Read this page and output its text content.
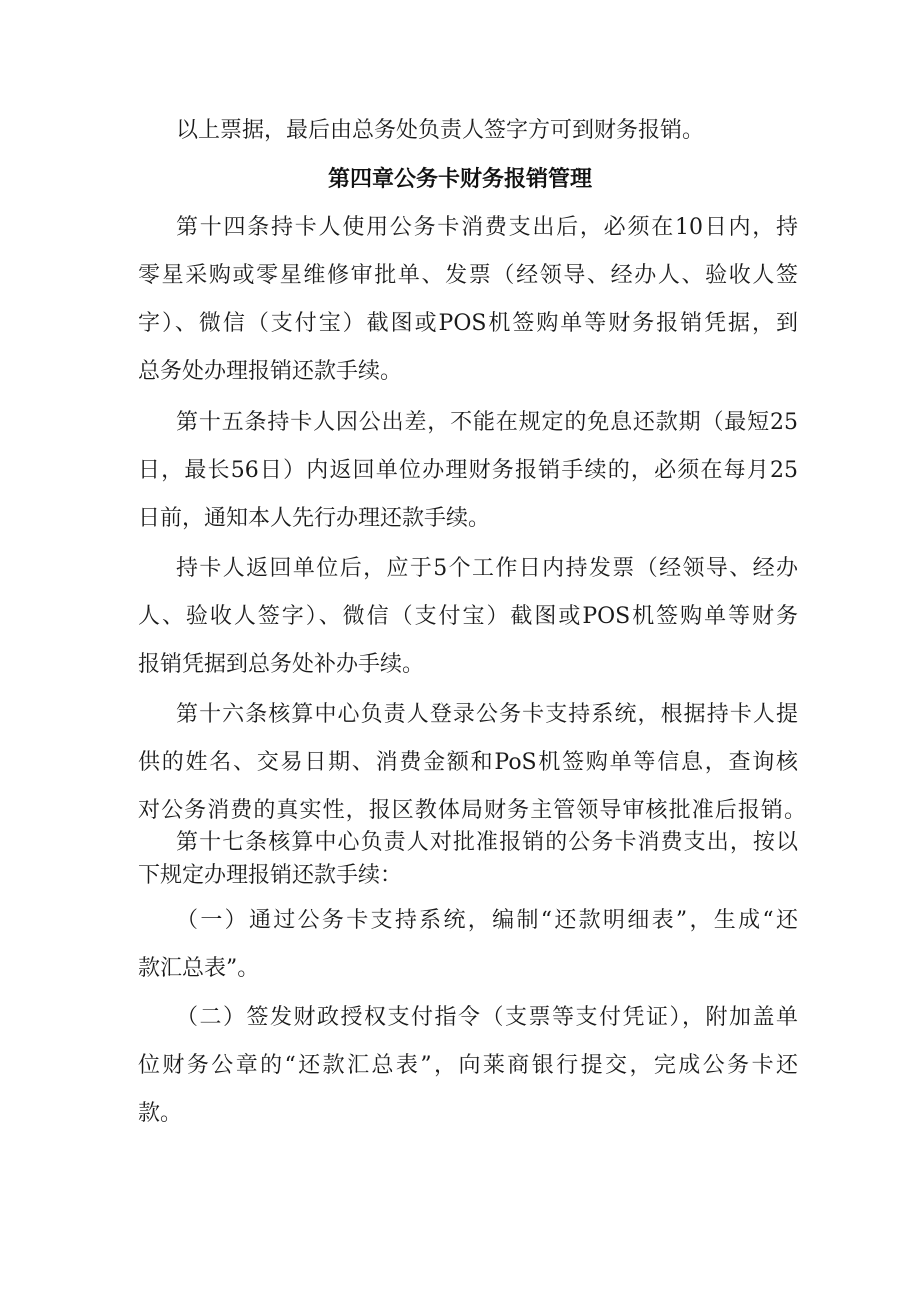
以上票据，最后由总务处负责人签字方可到财务报销。
第四章公务卡财务报销管理
第十四条持卡人使用公务卡消费支出后，必须在10日内，持
零星采购或零星维修审批单、发票（经领导、经办人、验收人签
字）、微信（支付宝）截图或POS机签购单等财务报销凭据，到
总务处办理报销还款手续。
第十五条持卡人因公出差，不能在规定的免息还款期（最短25
日，最长56日）内返回单位办理财务报销手续的，必须在每月25
日前，通知本人先行办理还款手续。
持卡人返回单位后，应于5个工作日内持发票（经领导、经办
人、验收人签字）、微信（支付宝）截图或POS机签购单等财务
报销凭据到总务处补办手续。
第十六条核算中心负责人登录公务卡支持系统，根据持卡人提
供的姓名、交易日期、消费金额和PoS机签购单等信息，查询核
对公务消费的真实性，报区教体局财务主管领导审核批准后报销。
第十七条核算中心负责人对批准报销的公务卡消费支出，按以
下规定办理报销还款手续：
（一）通过公务卡支持系统，编制“还款明细表”，生成“还
款汇总表”。
（二）签发财政授权支付指令（支票等支付凭证），附加盖单
位财务公章的“还款汇总表”，向莱商银行提交，完成公务卡还
款。
